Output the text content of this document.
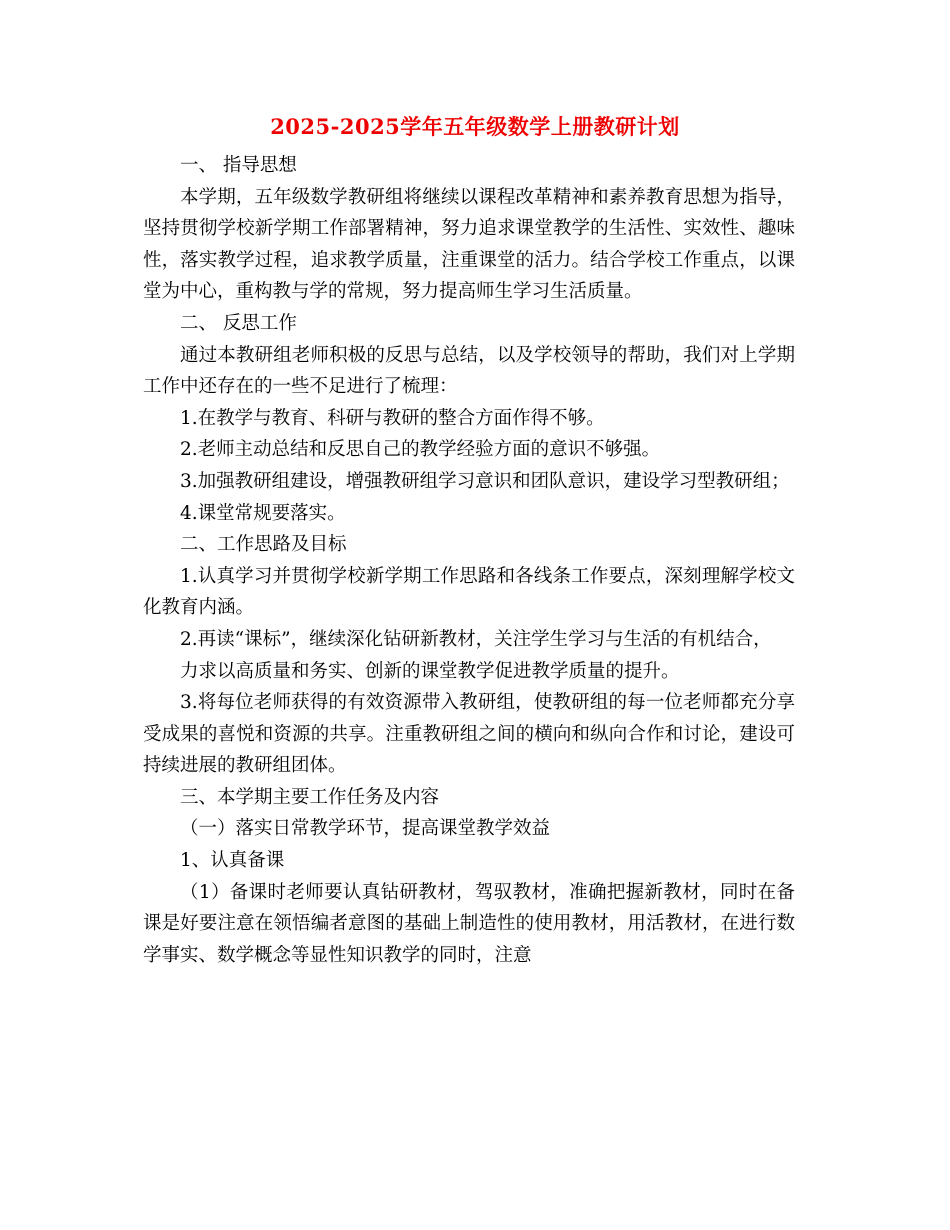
2025-2025学年五年级数学上册教研计划

一、 指导思想

本学期，五年级数学教研组将继续以课程改革精神和素养教育思想为指导，坚持贯彻学校新学期工作部署精神，努力追求课堂教学的生活性、实效性、趣味性，落实教学过程，追求教学质量，注重课堂的活力。结合学校工作重点，以课堂为中心，重构教与学的常规，努力提高师生学习生活质量。

二、 反思工作

通过本教研组老师积极的反思与总结，以及学校领导的帮助，我们对上学期工作中还存在的一些不足进行了梳理：

1.在教学与教育、科研与教研的整合方面作得不够。

2.老师主动总结和反思自己的教学经验方面的意识不够强。

3.加强教研组建设，增强教研组学习意识和团队意识，建设学习型教研组；

4.课堂常规要落实。

二、工作思路及目标

1.认真学习并贯彻学校新学期工作思路和各线条工作要点，深刻理解学校文化教育内涵。

2.再读“课标”，继续深化钻研新教材，关注学生学习与生活的有机结合，

力求以高质量和务实、创新的课堂教学促进教学质量的提升。

3.将每位老师获得的有效资源带入教研组，使教研组的每一位老师都充分享受成果的喜悦和资源的共享。注重教研组之间的横向和纵向合作和讨论，建设可持续进展的教研组团体。

三、本学期主要工作任务及内容

（一）落实日常教学环节，提高课堂教学效益

1、认真备课

（1）备课时老师要认真钻研教材，驾驭教材，准确把握新教材，同时在备课是好要注意在领悟编者意图的基础上制造性的使用教材，用活教材，在进行数学事实、数学概念等显性知识教学的同时，注意
